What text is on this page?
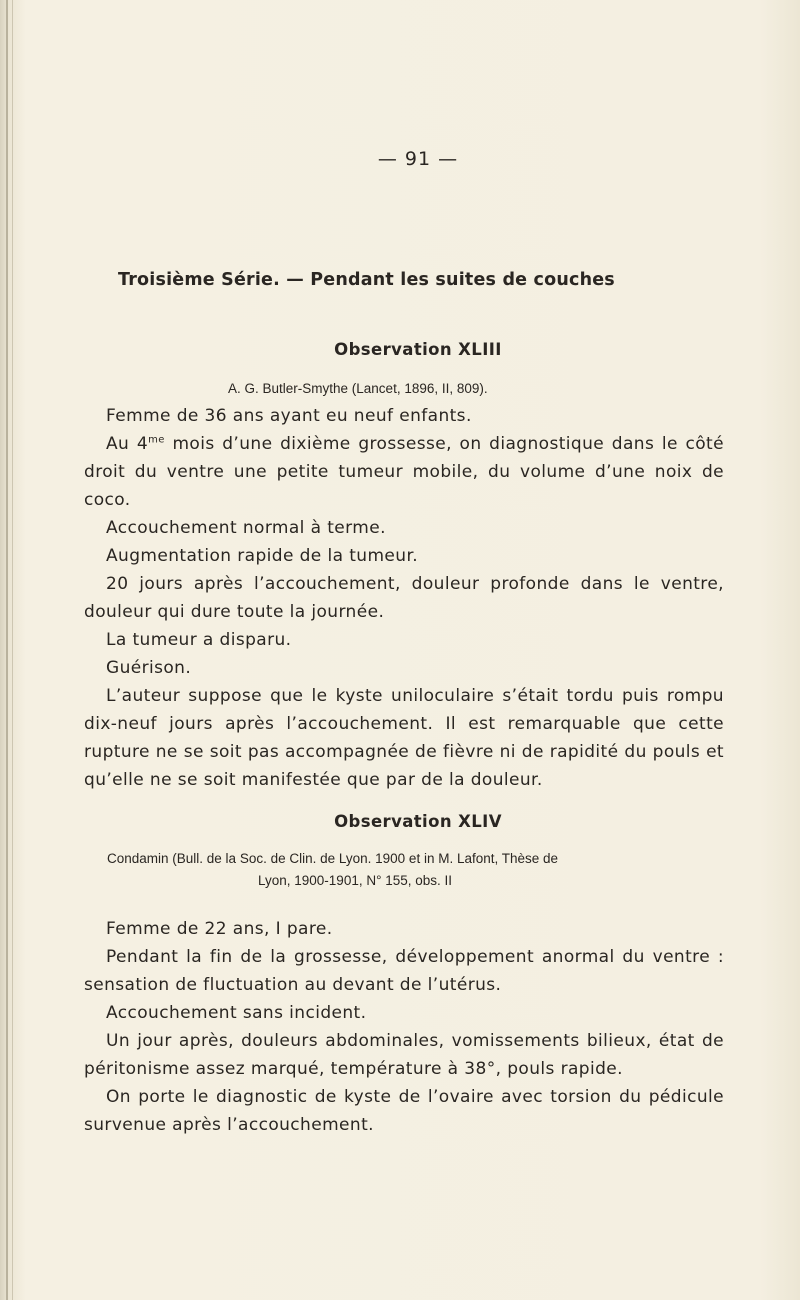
— 91 —
Troisième Série. — Pendant les suites de couches
Observation XLIII
A. G. Butler-Smythe (Lancet, 1896, II, 809).

Femme de 36 ans ayant eu neuf enfants.

Au $4^{me}$ mois d’une dixième grossesse, on diagnostique dans le côté droit du ventre une petite tumeur mobile, du volume d’une noix de coco.

Accouchement normal à terme.

Augmentation rapide de la tumeur.

20 jours après l’accouchement, douleur profonde dans le ventre, douleur qui dure toute la journée.

La tumeur a disparu.

Guérison.

L’auteur suppose que le kyste uniloculaire s’était tordu puis rompu dix-neuf jours après l’accouchement. Il est remarquable que cette rupture ne se soit pas accompagnée de fièvre ni de rapidité du pouls et qu’elle ne se soit manifestée que par de la douleur.

Observation XLIV
Condamin (Bull. de la Soc. de Clin. de Lyon. 1900 et in M. Lafont, Thèse de
Lyon, 1900-1901, N° 155, obs. II

Femme de 22 ans, I pare.

Pendant la fin de la grossesse, développement anormal du ventre : sensation de fluctuation au devant de l’utérus.

Accouchement sans incident.

Un jour après, douleurs abdominales, vomissements bilieux, état de péritonisme assez marqué, température à 38°, pouls rapide.

On porte le diagnostic de kyste de l’ovaire avec torsion du pédicule survenue après l’accouchement.
